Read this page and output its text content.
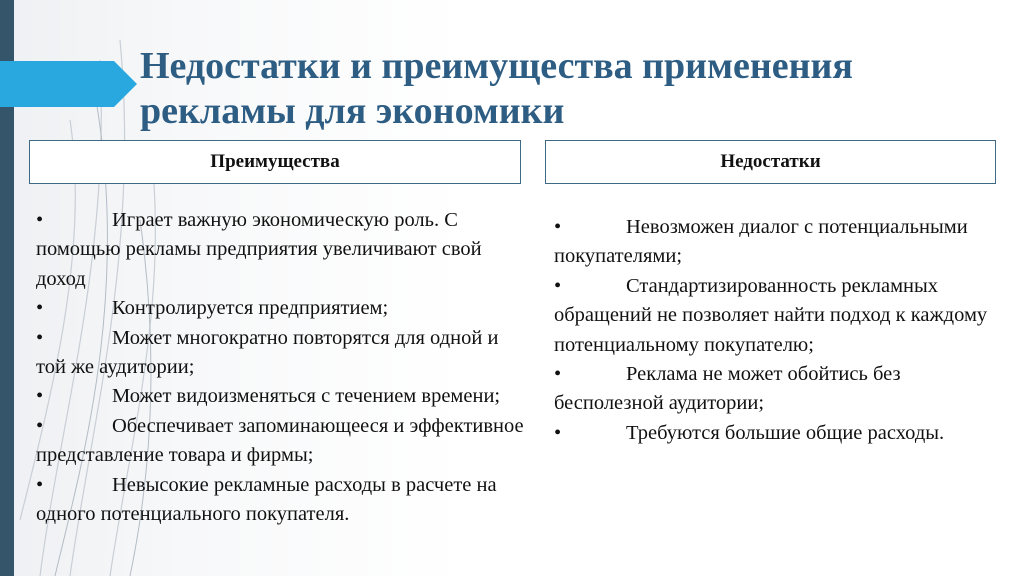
Недостатки и преимущества применения рекламы для экономики
Преимущества	Недостатки
•	Играет важную экономическую роль. С помощью рекламы предприятия увеличивают свой доход
•	Контролируется предприятием;
•	Может многократно повторятся для одной и той же аудитории;
•	Может видоизменяться с течением времени;
•	Обеспечивает запоминающееся и эффективное представление товара и фирмы;
•	Невысокие рекламные расходы в расчете на одного потенциального покупателя.
•	Невозможен диалог с потенциальными покупателями;
•	Стандартизированность рекламных обращений не позволяет найти подход к каждому потенциальному покупателю;
•	Реклама не может обойтись без бесполезной аудитории;
•	Требуются большие общие расходы.
